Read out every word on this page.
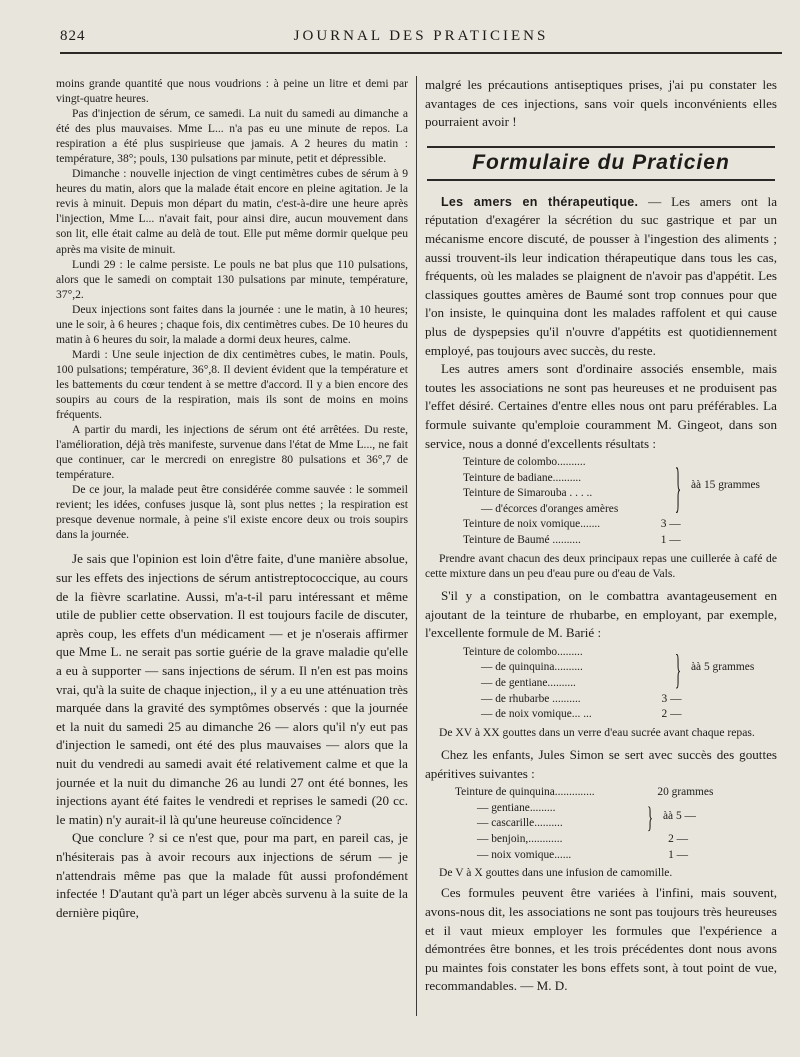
824	JOURNAL DES PRATICIENS

moins grande quantité que nous voudrions : à peine un litre et demi par vingt-quatre heures.

Pas d'injection de sérum, ce samedi. La nuit du samedi au dimanche a été des plus mauvaises. Mme L... n'a pas eu une minute de repos. La respiration a été plus suspirieuse que jamais. A 2 heures du matin : température, 38°; pouls, 130 pulsations par minute, petit et dépressible.

Dimanche : nouvelle injection de vingt centimètres cubes de sérum à 9 heures du matin, alors que la malade était encore en pleine agitation. Je la revis à minuit. Depuis mon départ du matin, c'est-à-dire une heure après l'injection, Mme L... n'avait fait, pour ainsi dire, aucun mouvement dans son lit, elle était calme au delà de tout. Elle put même dormir quelque peu après ma visite de minuit.

Lundi 29 : le calme persiste. Le pouls ne bat plus que 110 pulsations, alors que le samedi on comptait 130 pulsations par minute, température, 37°,2.

Deux injections sont faites dans la journée : une le matin, à 10 heures; une le soir, à 6 heures ; chaque fois, dix centimètres cubes. De 10 heures du matin à 6 heures du soir, la malade a dormi deux heures, calme.

Mardi : Une seule injection de dix centimètres cubes, le matin. Pouls, 100 pulsations; température, 36°,8. Il devient évident que la température et les battements du cœur tendent à se mettre d'accord. Il y a bien encore des soupirs au cours de la respiration, mais ils sont de moins en moins fréquents.

A partir du mardi, les injections de sérum ont été arrêtées. Du reste, l'amélioration, déjà très manifeste, survenue dans l'état de Mme L..., ne fait que continuer, car le mercredi on enregistre 80 pulsations et 36°,7 de température.

De ce jour, la malade peut être considérée comme sauvée : le sommeil revient; les idées, confuses jusque là, sont plus nettes ; la respiration est presque devenue normale, à peine s'il existe encore deux ou trois soupirs dans la journée.

Je sais que l'opinion est loin d'être faite, d'une manière absolue, sur les effets des injections de sérum antistreptococcique, au cours de la fièvre scarlatine. Aussi, m'a-t-il paru intéressant et même utile de publier cette observation. Il est toujours facile de discuter, après coup, les effets d'un médicament — et je n'oserais affirmer que Mme L. ne serait pas sortie guérie de la grave maladie qu'elle a eu à supporter — sans injections de sérum. Il n'en est pas moins vrai, qu'à la suite de chaque injection,, il y a eu une atténuation très marquée dans la gravité des symptômes observés : que la journée et la nuit du samedi 25 au dimanche 26 — alors qu'il n'y eut pas d'injection le samedi, ont été des plus mauvaises — alors que la nuit du vendredi au samedi avait été relativement calme et que la journée et la nuit du dimanche 26 au lundi 27 ont été bonnes, les injections ayant été faites le vendredi et reprises le samedi (20 cc. le matin) n'y aurait-il là qu'une heureuse coïncidence ?

Que conclure ? si ce n'est que, pour ma part, en pareil cas, je n'hésiterais pas à avoir recours aux injections de sérum — je n'attendrais même pas que la malade fût aussi profondément infectée ! D'autant qu'à part un léger abcès survenu à la suite de la dernière piqûre,

malgré les précautions antiseptiques prises, j'ai pu constater les avantages de ces injections, sans voir quels inconvénients elles pourraient avoir !

Formulaire du Praticien

Les amers en thérapeutique. — Les amers ont la réputation d'exagérer la sécrétion du suc gastrique et par un mécanisme encore discuté, de pousser à l'ingestion des aliments ; aussi trouvent-ils leur indication thérapeutique dans tous les cas, fréquents, où les malades se plaignent de n'avoir pas d'appétit. Les classiques gouttes amères de Baumé sont trop connues pour que l'on insiste, le quinquina dont les malades raffolent et qui cause plus de dyspepsies qu'il n'ouvre d'appétits est quotidiennement employé, pas toujours avec succès, du reste.

Les autres amers sont d'ordinaire associés ensemble, mais toutes les associations ne sont pas heureuses et ne produisent pas l'effet désiré. Certaines d'entre elles nous ont paru préférables. La formule suivante qu'emploie couramment M. Gingeot, dans son service, nous a donné d'excellents résultats :

Teinture de colombo..........
Teinture de badiane..........
Teinture de Simarouba . . . ..
— d'écorces d'oranges amères	} àà 15 grammes
Teinture de noix vomique.......	3 —
Teinture de Baumé ..........	1 —

Prendre avant chacun des deux principaux repas une cuillerée à café de cette mixture dans un peu d'eau pure ou d'eau de Vals.

S'il y a constipation, on le combattra avantageusement en ajoutant de la teinture de rhubarbe, en employant, par exemple, l'excellente formule de M. Barié :

Teinture de colombo.........
— de quinquina..........
— de gentiane..........	} àà 5 grammes
— de rhubarbe ..........	3 —
— de noix vomique... ...	2 —

De XV à XX gouttes dans un verre d'eau sucrée avant chaque repas.

Chez les enfants, Jules Simon se sert avec succès des gouttes apéritives suivantes :

Teinture de quinquina..............	20 grammes
— gentiane.........
— cascarille..........	} àà 5 —
— benjoin,............	2 —
— noix vomique......	1 —

De V à X gouttes dans une infusion de camomille.

Ces formules peuvent être variées à l'infini, mais souvent, avons-nous dit, les associations ne sont pas toujours très heureuses et il vaut mieux employer les formules que l'expérience a démontrées être bonnes, et les trois précédentes dont nous avons pu maintes fois constater les bons effets sont, à tout point de vue, recommandables. — M. D.
